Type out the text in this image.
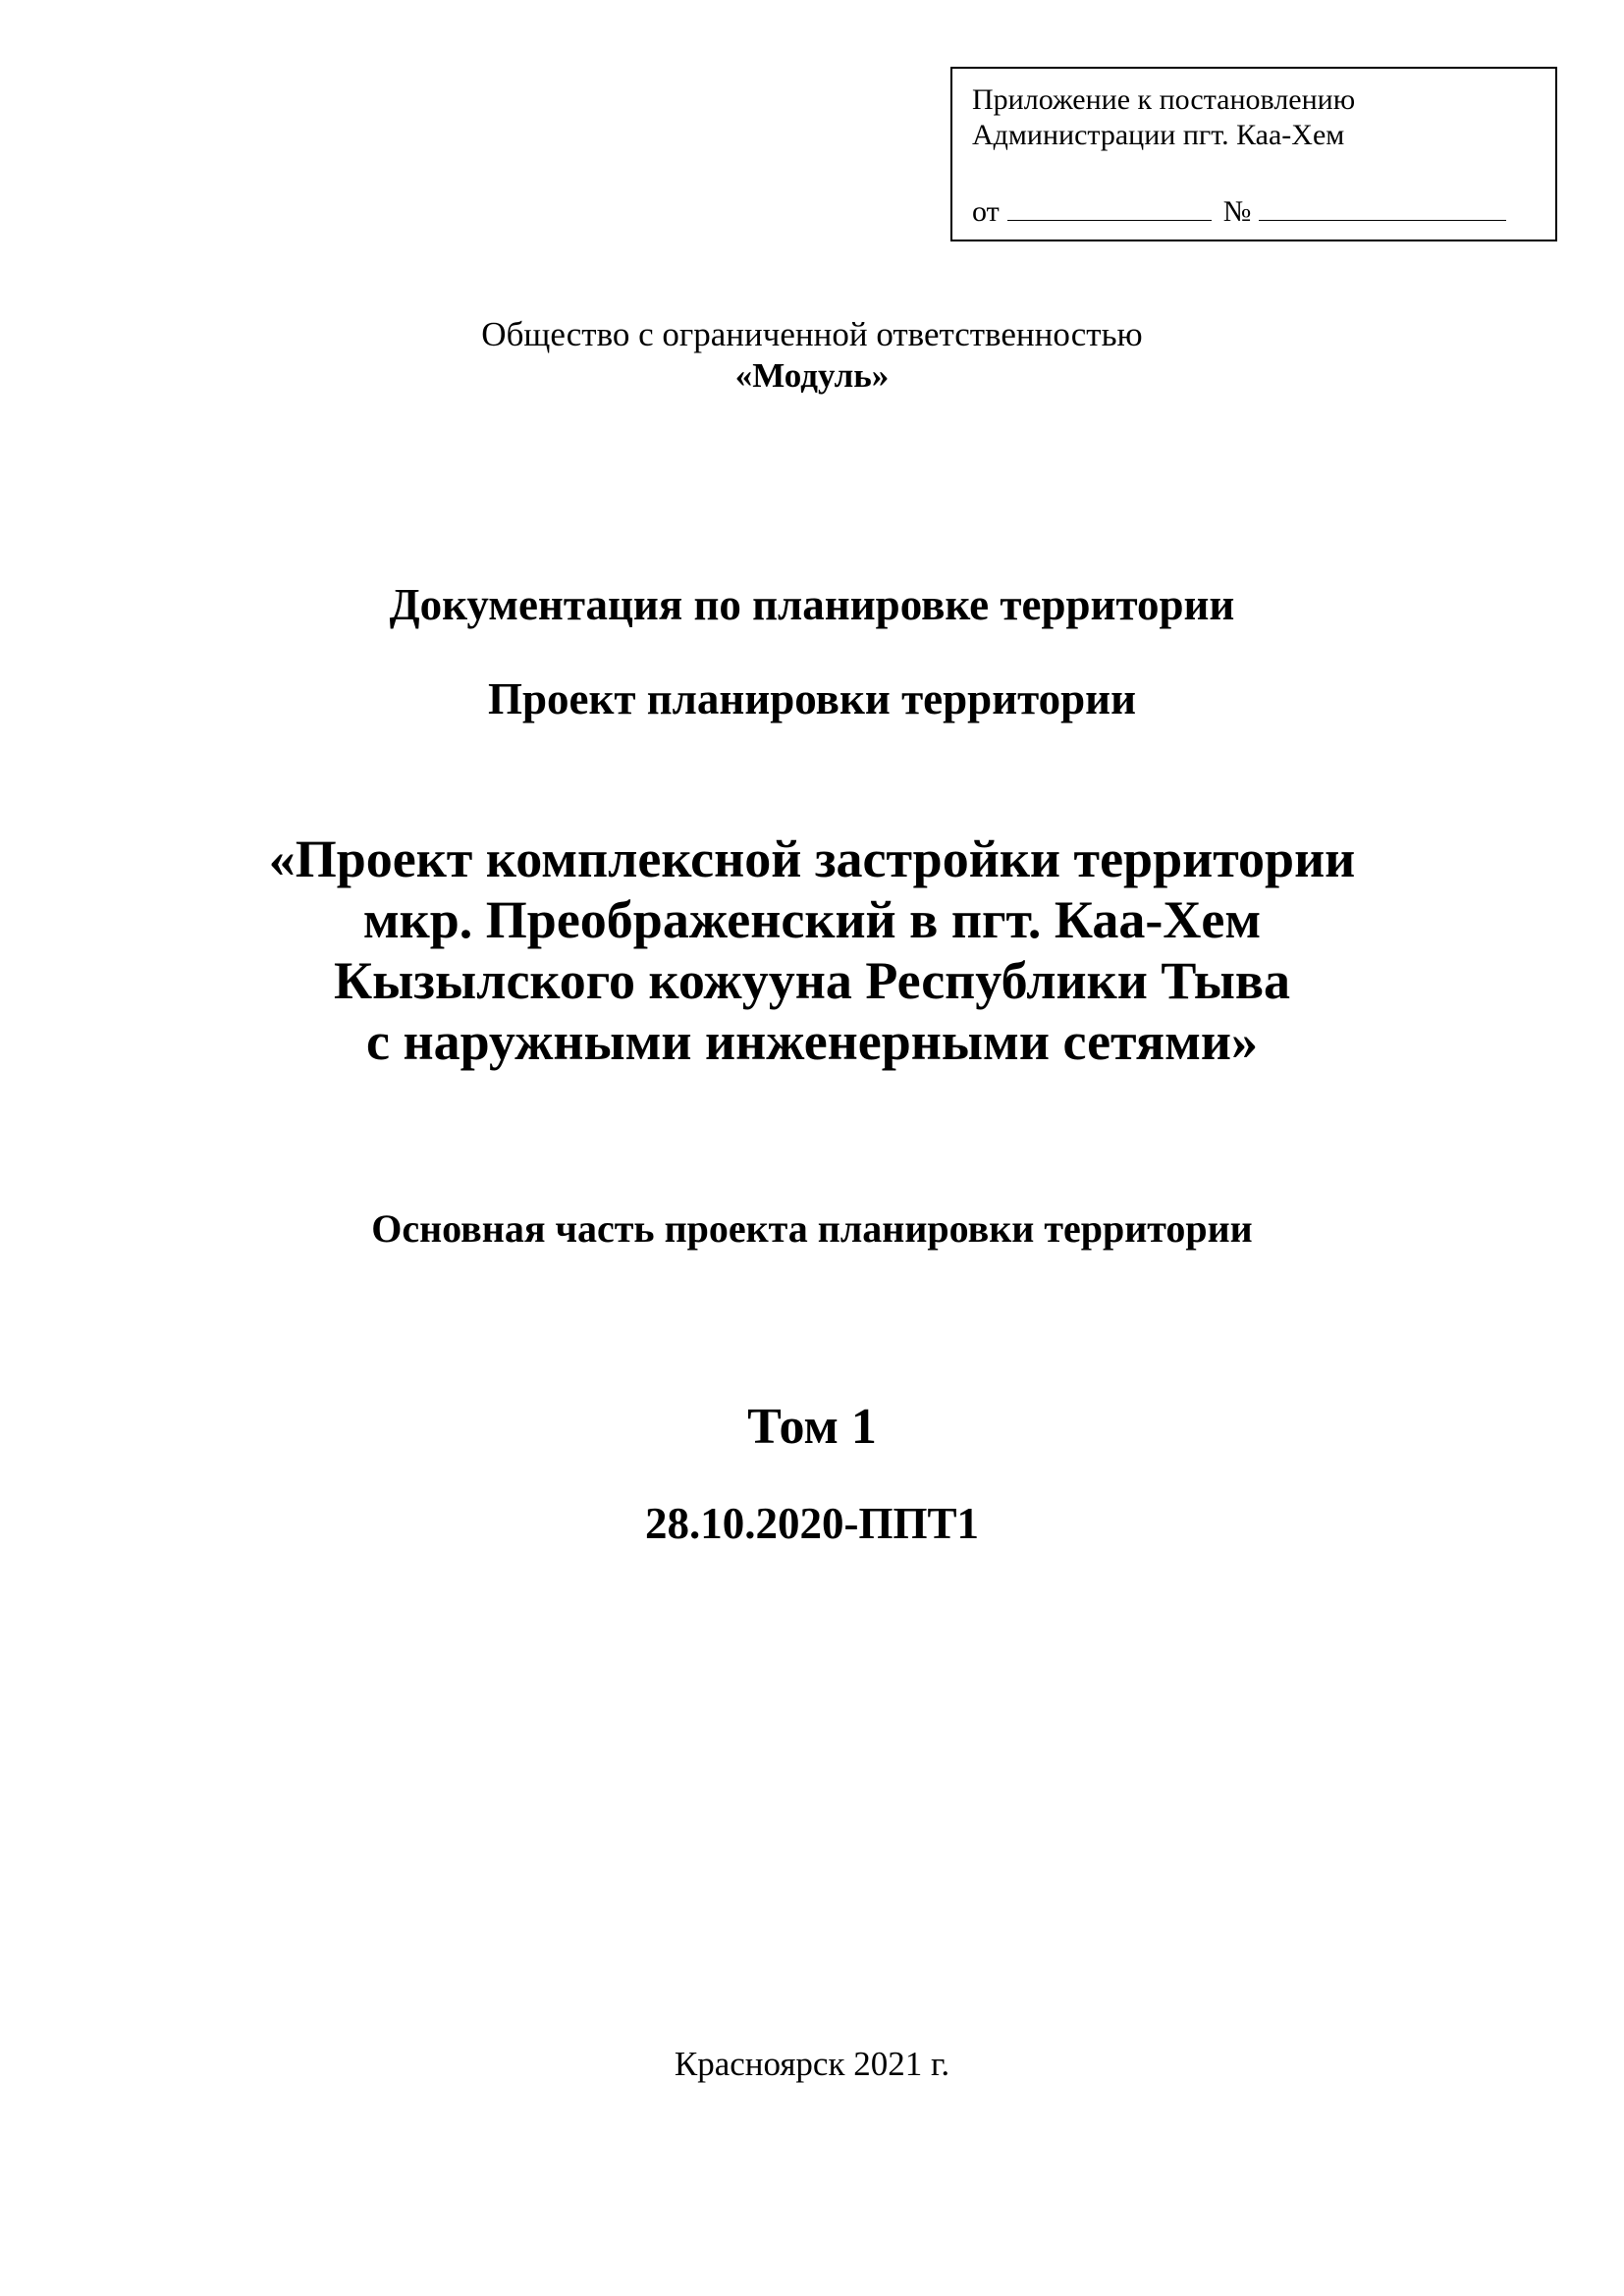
Приложение к постановлению
Администрации пгт. Каа-Хем
от	№
Общество с ограниченной ответственностью
«Модуль»
Документация по планировке территории
Проект планировки территории
«Проект комплексной застройки территории
мкр. Преображенский в пгт. Каа-Хем
Кызылского кожууна Республики Тыва
с наружными инженерными сетями»
Основная часть проекта планировки территории
Том 1
28.10.2020-ППТ1
Красноярск 2021 г.
